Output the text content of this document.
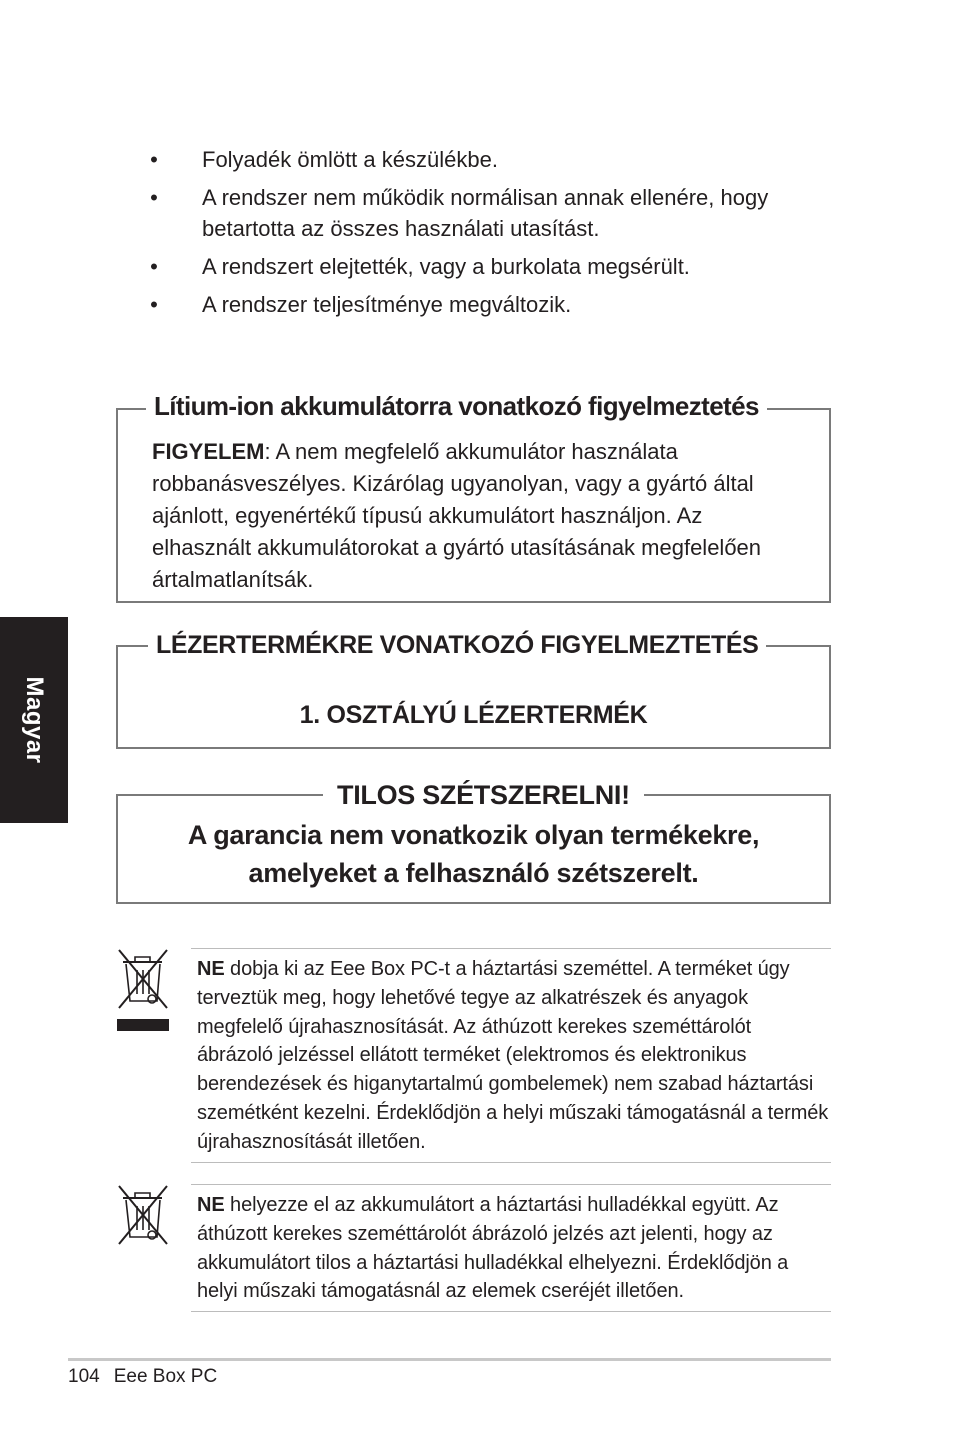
• Folyadék ömlött a készülékbe.
• A rendszer nem működik normálisan annak ellenére, hogy betartotta az összes használati utasítást.
• A rendszert elejtették, vagy a burkolata megsérült.
• A rendszer teljesítménye megváltozik.
Lítium-ion akkumulátorra vonatkozó figyelmeztetés
FIGYELEM: A nem megfelelő akkumulátor használata robbanásveszélyes. Kizárólag ugyanolyan, vagy a gyártó által ajánlott, egyenértékű típusú akkumulátort használjon. Az elhasznált akkumulátorokat a gyártó utasításának megfelelően ártalmatlanítsák.
LÉZERTERMÉKRE VONATKOZÓ FIGYELMEZTETÉS
1. OSZTÁLYÚ LÉZERTERMÉK
TILOS SZÉTSZERELNI!
A garancia nem vonatkozik olyan termékekre,
amelyeket a felhasználó szétszerelt.

NE dobja ki az Eee Box PC-t a háztartási szeméttel. A terméket úgy terveztük meg, hogy lehetővé tegye az alkatrészek és anyagok megfelelő újrahasznosítását. Az áthúzott kerekes szeméttárolót ábrázoló jelzéssel ellátott terméket (elektromos és elektronikus berendezések és higanytartalmú gombelemek) nem szabad háztartási szemétként kezelni. Érdeklődjön a helyi műszaki támogatásnál a termék újrahasznosítását illetően.

NE helyezze el az akkumulátort a háztartási hulladékkal együtt. Az áthúzott kerekes szeméttárolót ábrázoló jelzés azt jelenti, hogy az akkumulátort tilos a háztartási hulladékkal elhelyezni. Érdeklődjön a helyi műszaki támogatásnál az elemek cseréjét illetően.

Magyar
104 Eee Box PC
